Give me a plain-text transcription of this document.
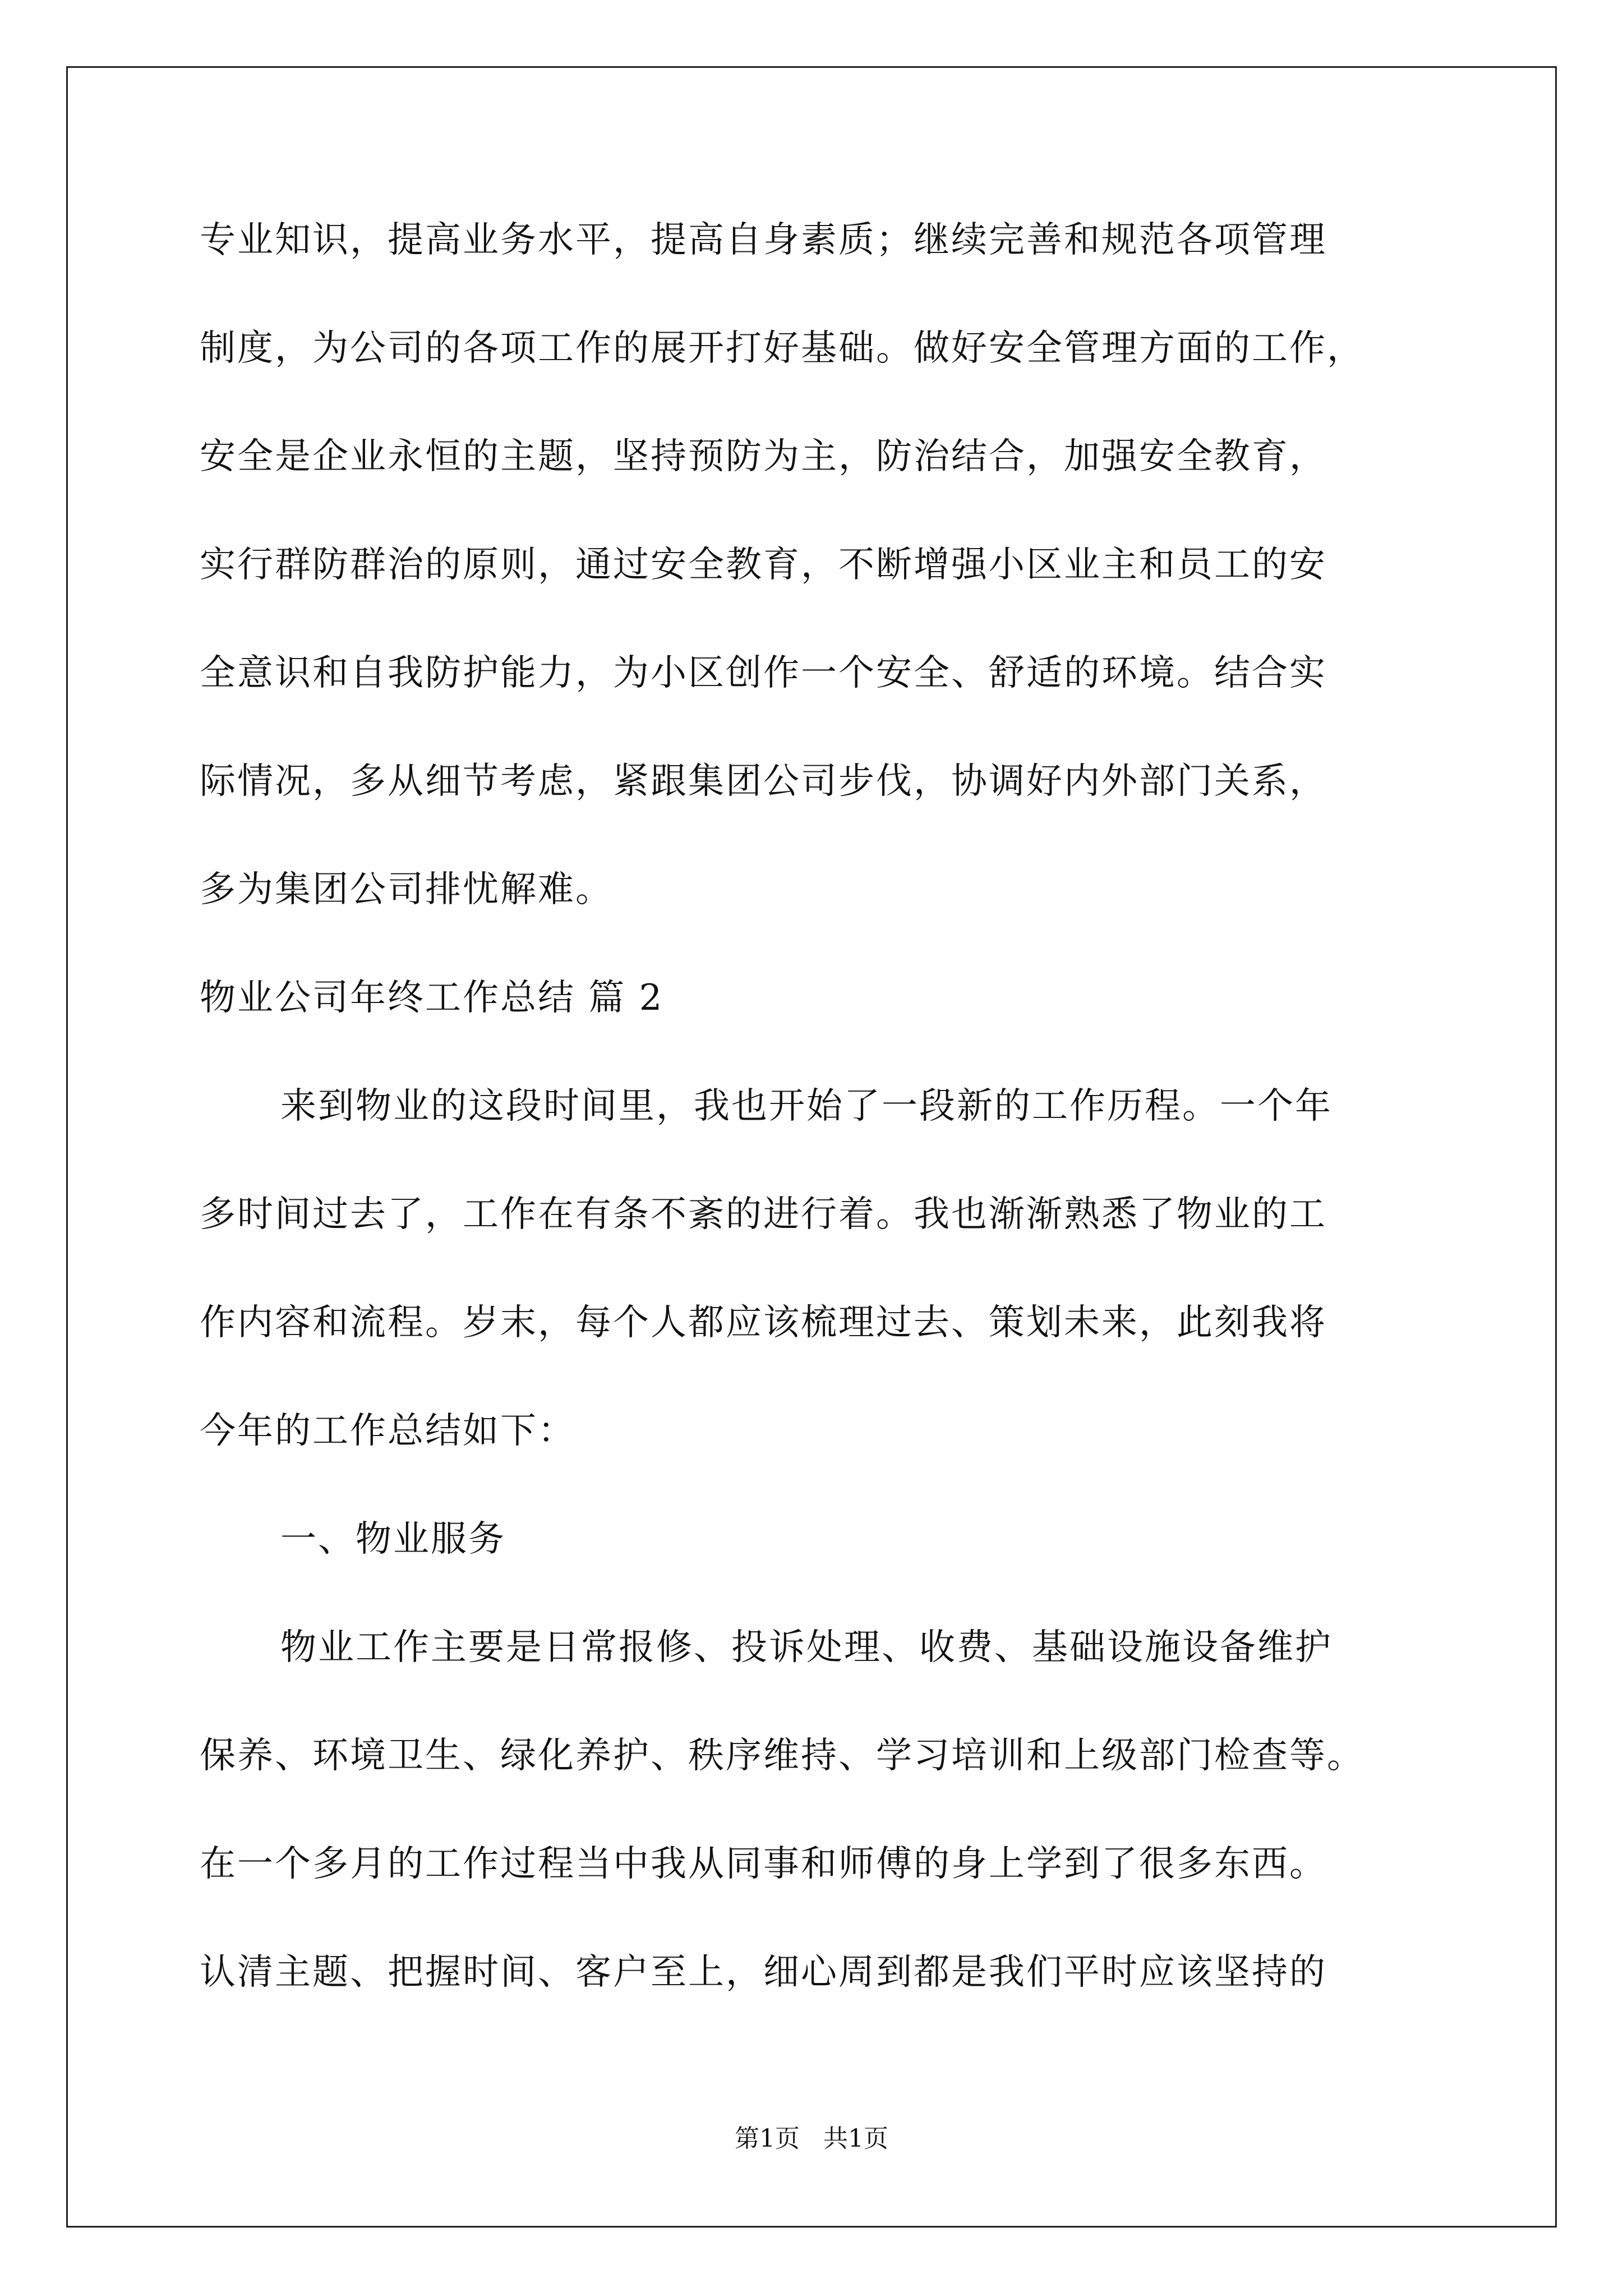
专业知识，提高业务水平，提高自身素质；继续完善和规范各项管理
制度，为公司的各项工作的展开打好基础。做好安全管理方面的工作，
安全是企业永恒的主题，坚持预防为主，防治结合，加强安全教育，
实行群防群治的原则，通过安全教育，不断增强小区业主和员工的安
全意识和自我防护能力，为小区创作一个安全、舒适的环境。结合实
际情况，多从细节考虑，紧跟集团公司步伐，协调好内外部门关系，
多为集团公司排忧解难。
物业公司年终工作总结 篇 2
来到物业的这段时间里，我也开始了一段新的工作历程。一个年
多时间过去了，工作在有条不紊的进行着。我也渐渐熟悉了物业的工
作内容和流程。岁末，每个人都应该梳理过去、策划未来，此刻我将
今年的工作总结如下：
一、物业服务
物业工作主要是日常报修、投诉处理、收费、基础设施设备维护
保养、环境卫生、绿化养护、秩序维持、学习培训和上级部门检查等。
在一个多月的工作过程当中我从同事和师傅的身上学到了很多东西。
认清主题、把握时间、客户至上，细心周到都是我们平时应该坚持的
第1页 共1页
